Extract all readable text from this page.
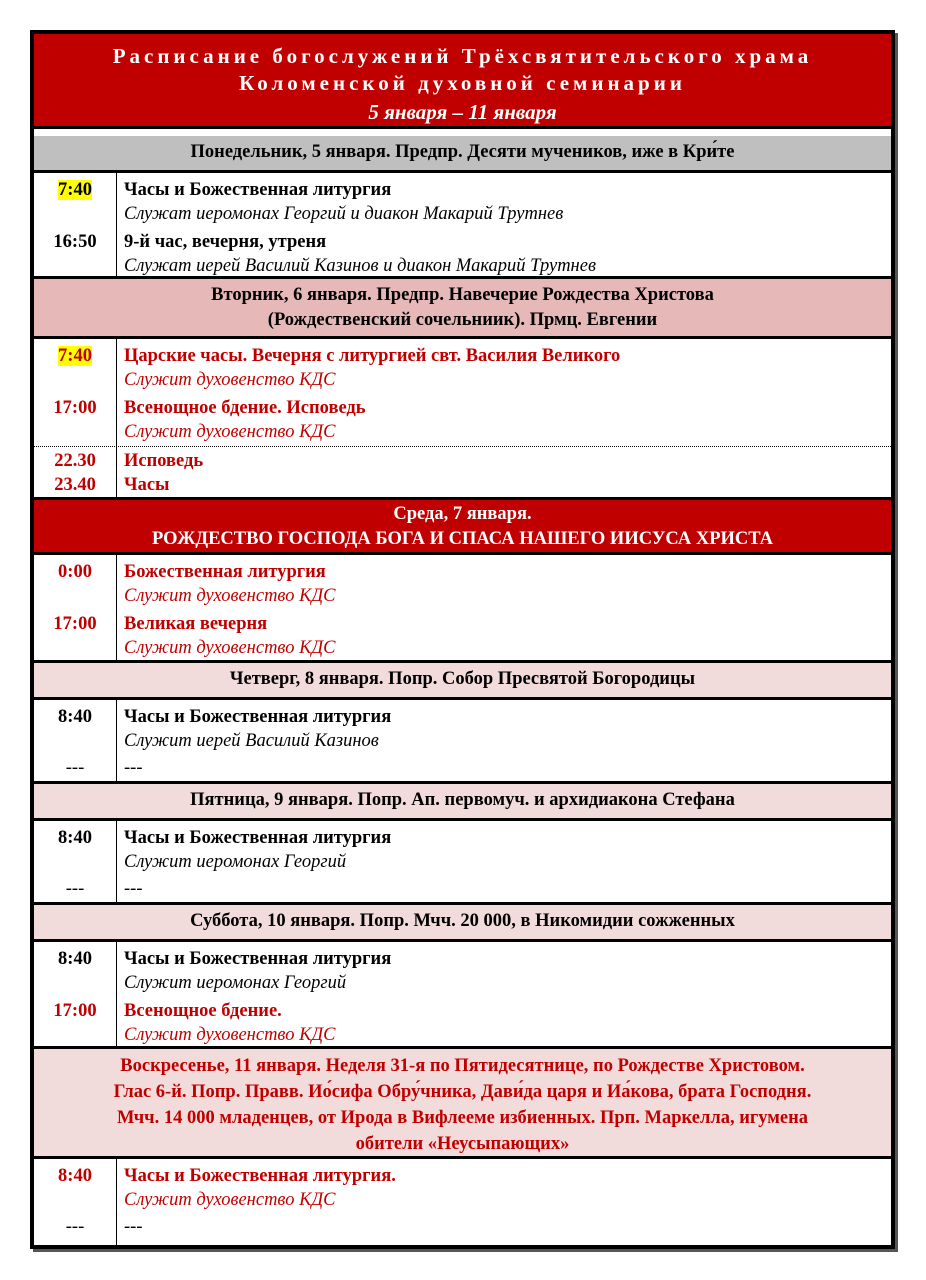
Расписание богослужений Трёхсвятительского храма
Коломенской духовной семинарии
5 января – 11 января
Понедельник, 5 января. Предпр. Десяти мучеников, иже в Кри́те
7:40	Часы и Божественная литургия
Служат иеромонах Георгий и диакон Макарий Трутнев
16:50	9-й час, вечерня, утреня
Служат иерей Василий Казинов и диакон Макарий Трутнев
Вторник, 6 января. Предпр. Навечерие Рождества Христова
(Рождественский сочельниик). Прмц. Евгении
7:40	Царские часы. Вечерня с литургией свт. Василия Великого
Служит духовенство КДС
17:00	Всенощное бдение. Исповедь
Служит духовенство КДС
22.30	Исповедь
23.40	Часы
Среда, 7 января.
РОЖДЕСТВО ГОСПОДА БОГА И СПАСА НАШЕГО ИИСУСА ХРИСТА
0:00	Божественная литургия
Служит духовенство КДС
17:00	Великая вечерня
Служит духовенство КДС
Четверг, 8 января. Попр. Собор Пресвятой Богородицы
8:40	Часы и Божественная литургия
Служит иерей Василий Казинов
---	---
Пятница, 9 января. Попр. Ап. первомуч. и архидиакона Стефана
8:40	Часы и Божественная литургия
Служит иеромонах Георгий
---	---
Суббота, 10 января. Попр. Мчч. 20 000, в Никомидии сожженных
8:40	Часы и Божественная литургия
Служит иеромонах Георгий
17:00	Всенощное бдение.
Служит духовенство КДС
Воскресенье, 11 января. Неделя 31-я по Пятидесятнице, по Рождестве Христовом.
Глас 6-й. Попр. Правв. Ио́сифа Обру́чника, Дави́да царя и Иа́кова, брата Господня.
Мчч. 14 000 младенцев, от Ирода в Вифлееме избиенных. Прп. Маркелла, игумена
обители «Неусыпающих»
8:40	Часы и Божественная литургия.
Служит духовенство КДС
---	---
